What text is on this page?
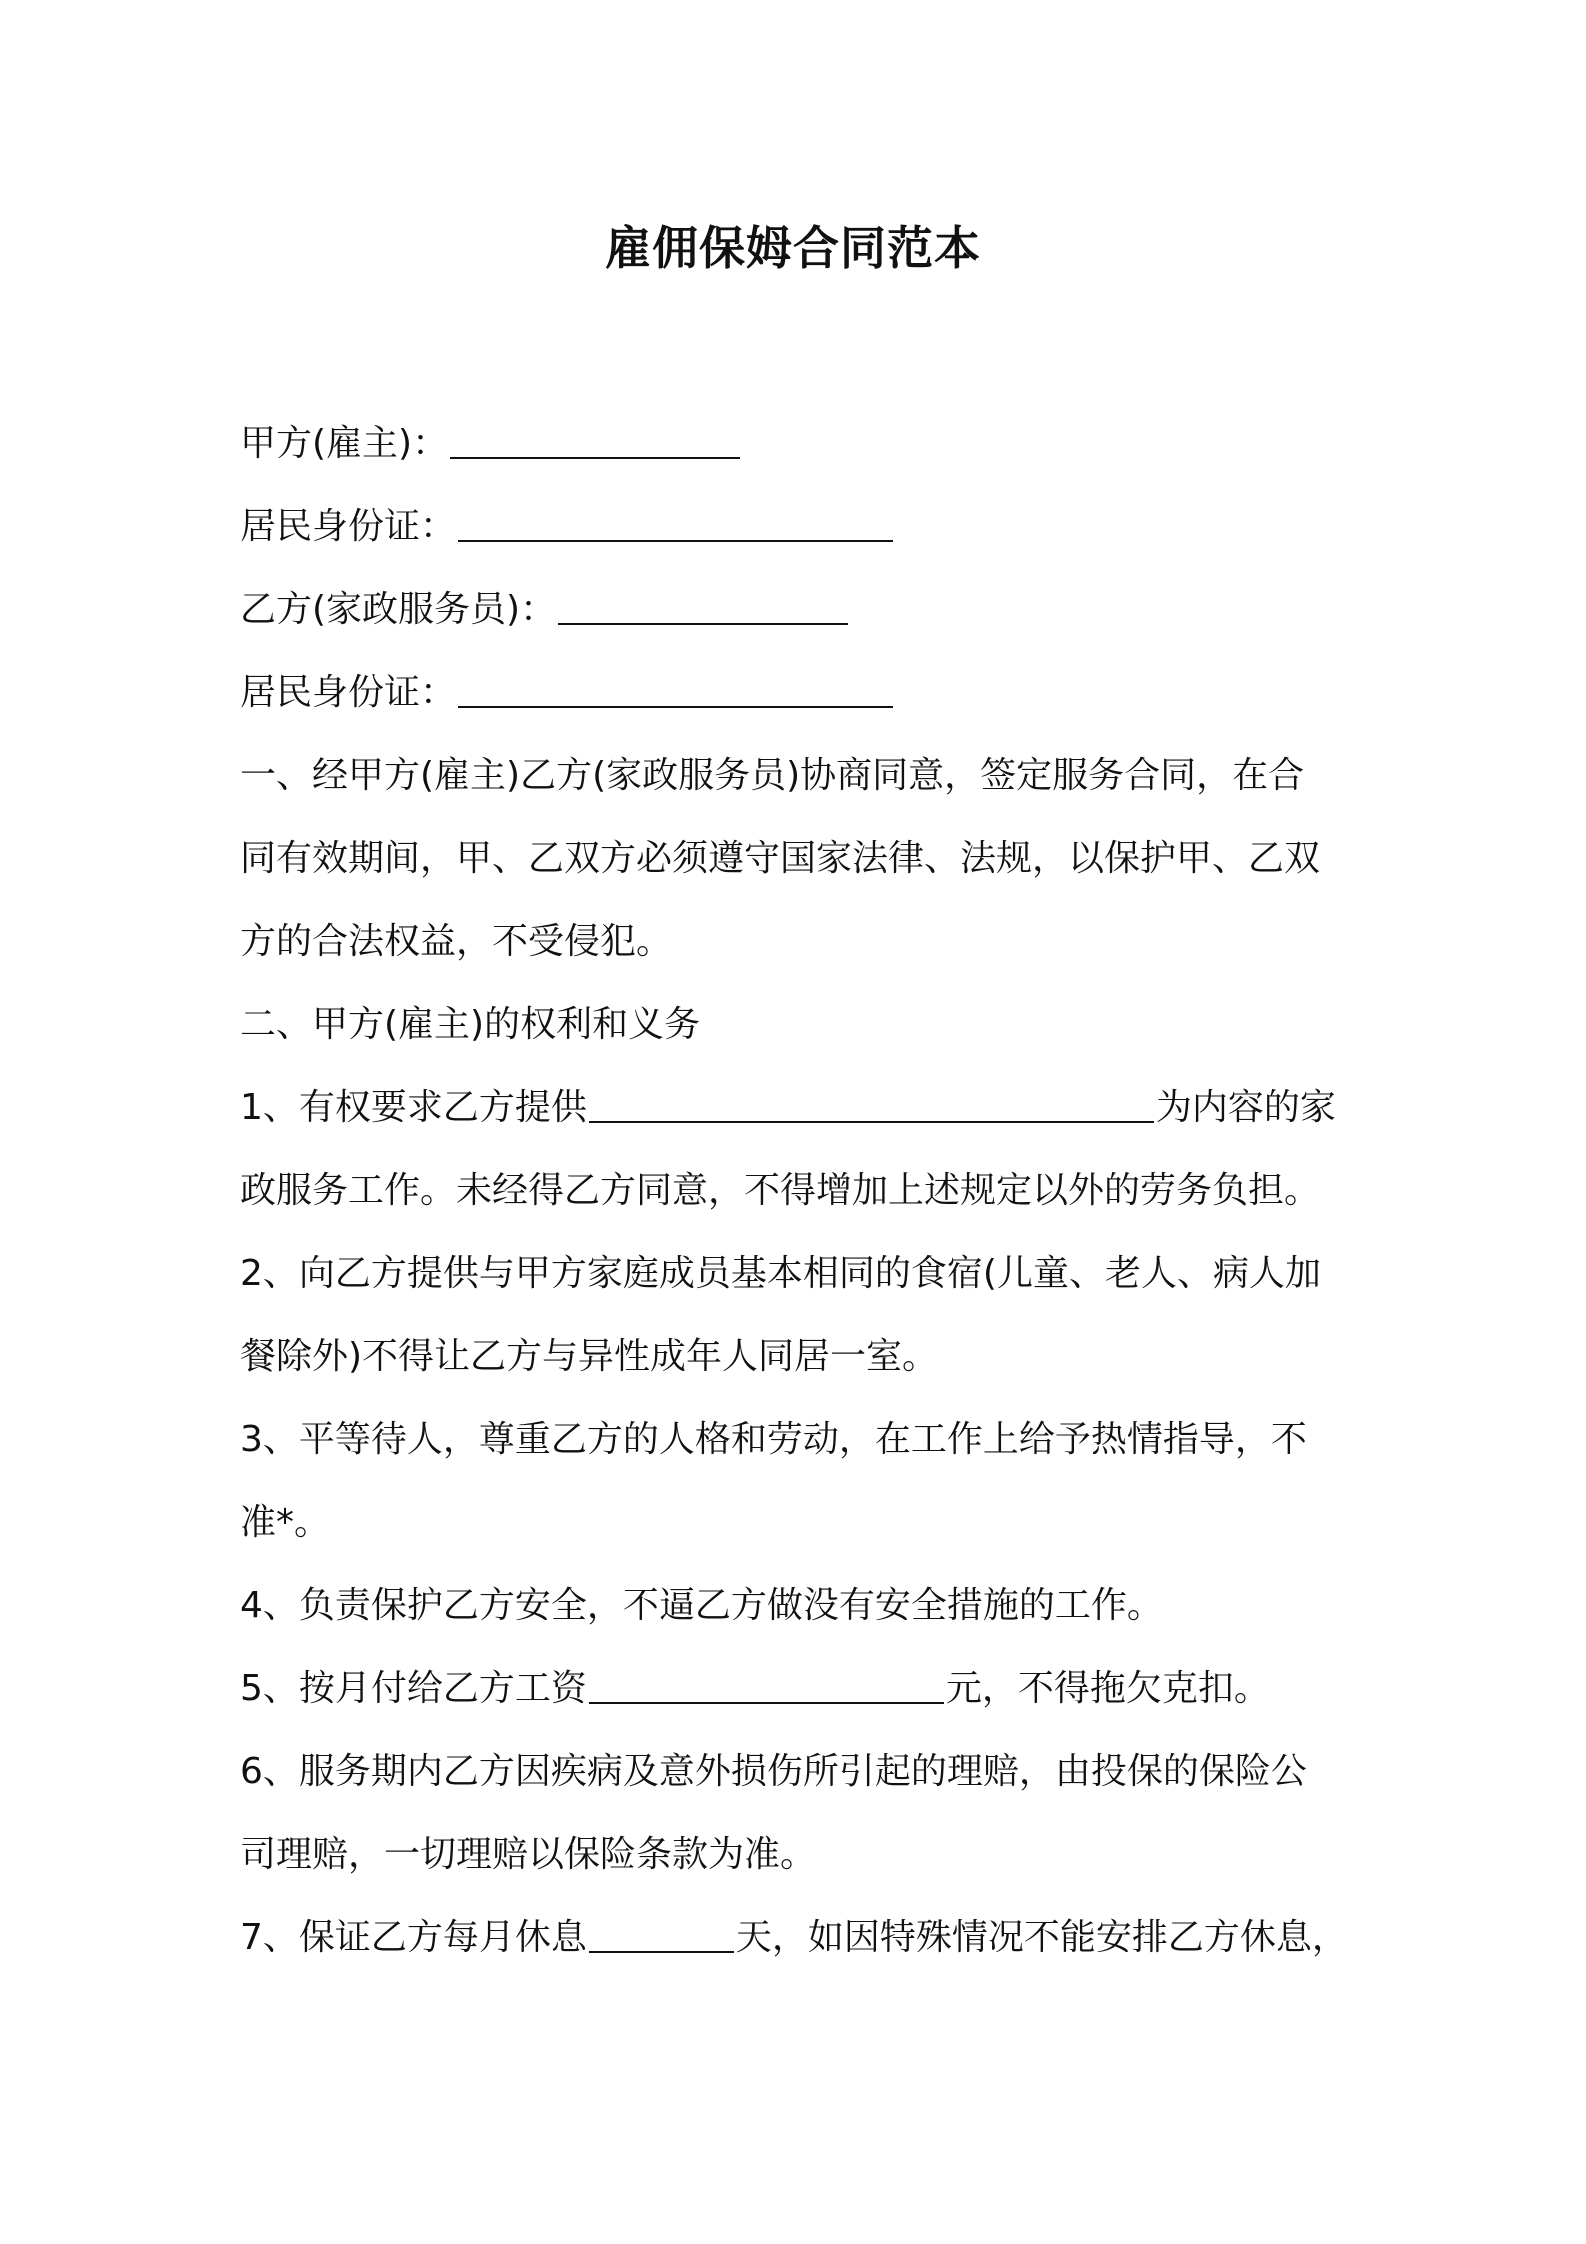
雇佣保姆合同范本

甲方(雇主)：

居民身份证：

乙方(家政服务员)：

居民身份证：

一、经甲方(雇主)乙方(家政服务员)协商同意，签定服务合同，在合

同有效期间，甲、乙双方必须遵守国家法律、法规，以保护甲、乙双

方的合法权益，不受侵犯。

二、甲方(雇主)的权利和义务

1、有权要求乙方提供	为内容的家

政服务工作。未经得乙方同意，不得增加上述规定以外的劳务负担。

2、向乙方提供与甲方家庭成员基本相同的食宿(儿童、老人、病人加

餐除外)不得让乙方与异性成年人同居一室。

3、平等待人，尊重乙方的人格和劳动，在工作上给予热情指导，不

准*。

4、负责保护乙方安全，不逼乙方做没有安全措施的工作。

5、按月付给乙方工资	元，不得拖欠克扣。

6、服务期内乙方因疾病及意外损伤所引起的理赔，由投保的保险公

司理赔，一切理赔以保险条款为准。

7、保证乙方每月休息	天，如因特殊情况不能安排乙方休息，
